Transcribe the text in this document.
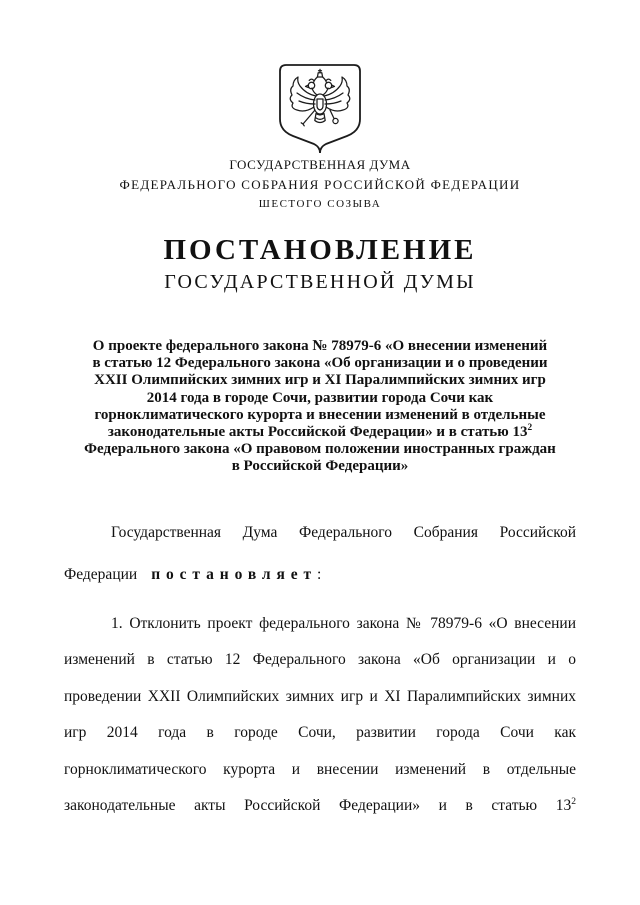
ГОСУДАРСТВЕННАЯ ДУМА
ФЕДЕРАЛЬНОГО СОБРАНИЯ РОССИЙСКОЙ ФЕДЕРАЦИИ
ШЕСТОГО СОЗЫВА
ПОСТАНОВЛЕНИЕ
ГОСУДАРСТВЕННОЙ ДУМЫ
О проекте федерального закона № 78979-6 «О внесении изменений
в статью 12 Федерального закона «Об организации и о проведении
XXII Олимпийских зимних игр и XI Паралимпийских зимних игр
2014 года в городе Сочи, развитии города Сочи как
горноклиматического курорта и внесении изменений в отдельные
законодательные акты Российской Федерации» и в статью $13^2$
Федерального закона «О правовом положении иностранных граждан
в Российской Федерации»
Государственная Дума Федерального Собрания Российской
Федерации постановляет:
1. Отклонить проект федерального закона № 78979-6 «О внесении
изменений в статью 12 Федерального закона «Об организации и о
проведении XXII Олимпийских зимних игр и XI Паралимпийских зимних
игр 2014 года в городе Сочи, развитии города Сочи как
горноклиматического курорта и внесении изменений в отдельные
законодательные акты Российской Федерации» и в статью $13^2$
